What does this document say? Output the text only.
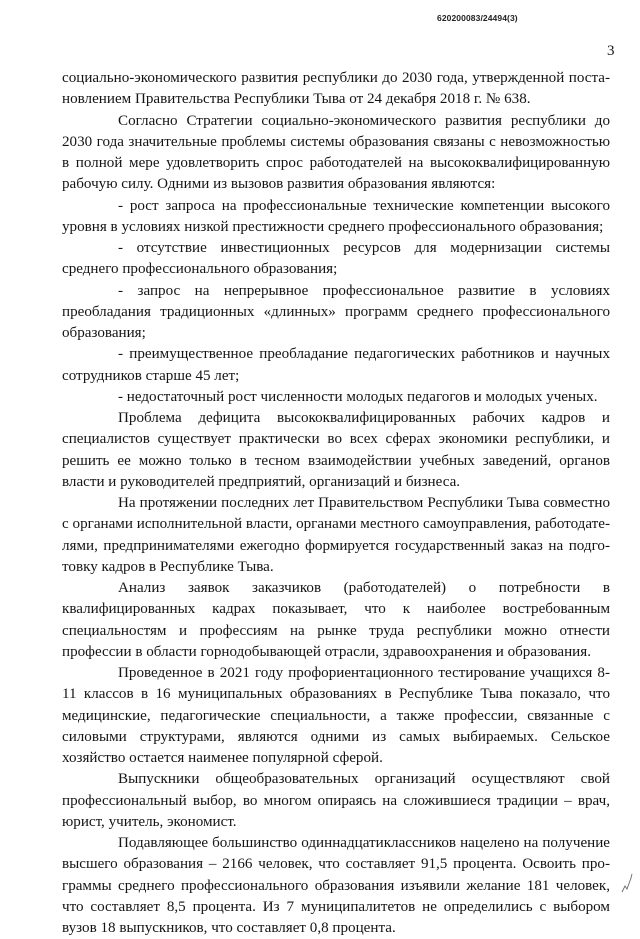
620200083/24494(3)
3

социально-экономического развития республики до 2030 года, утвержденной постановлением Правительства Республики Тыва от 24 декабря 2018 г. № 638.

Согласно Стратегии социально-экономического развития республики до 2030 года значительные проблемы системы образования связаны с невозможностью в полной мере удовлетворить спрос работодателей на высококвалифицированную рабочую силу. Одними из вызовов развития образования являются:

- рост запроса на профессиональные технические компетенции высокого уровня в условиях низкой престижности среднего профессионального образования;

- отсутствие инвестиционных ресурсов для модернизации системы среднего профессионального образования;

- запрос на непрерывное профессиональное развитие в условиях преобладания традиционных «длинных» программ среднего профессионального образования;

- преимущественное преобладание педагогических работников и научных сотрудников старше 45 лет;

- недостаточный рост численности молодых педагогов и молодых ученых.

Проблема дефицита высококвалифицированных рабочих кадров и специалистов существует практически во всех сферах экономики республики, и решить ее можно только в тесном взаимодействии учебных заведений, органов власти и руководителей предприятий, организаций и бизнеса.

На протяжении последних лет Правительством Республики Тыва совместно с органами исполнительной власти, органами местного самоуправления, работодателями, предпринимателями ежегодно формируется государственный заказ на подготовку кадров в Республике Тыва.

Анализ заявок заказчиков (работодателей) о потребности в квалифицированных кадрах показывает, что к наиболее востребованным специальностям и профессиям на рынке труда республики можно отнести профессии в области горнодобывающей отрасли, здравоохранения и образования.

Проведенное в 2021 году профориентационного тестирование учащихся 8-11 классов в 16 муниципальных образованиях в Республике Тыва показало, что медицинские, педагогические специальности, а также профессии, связанные с силовыми структурами, являются одними из самых выбираемых. Сельское хозяйство остается наименее популярной сферой.

Выпускники общеобразовательных организаций осуществляют свой профессиональный выбор, во многом опираясь на сложившиеся традиции – врач, юрист, учитель, экономист.

Подавляющее большинство одиннадцатиклассников нацелено на получение высшего образования – 2166 человек, что составляет 91,5 процента. Освоить программы среднего профессионального образования изъявили желание 181 человек, что составляет 8,5 процента. Из 7 муниципалитетов не определились с выбором вузов 18 выпускников, что составляет 0,8 процента.
